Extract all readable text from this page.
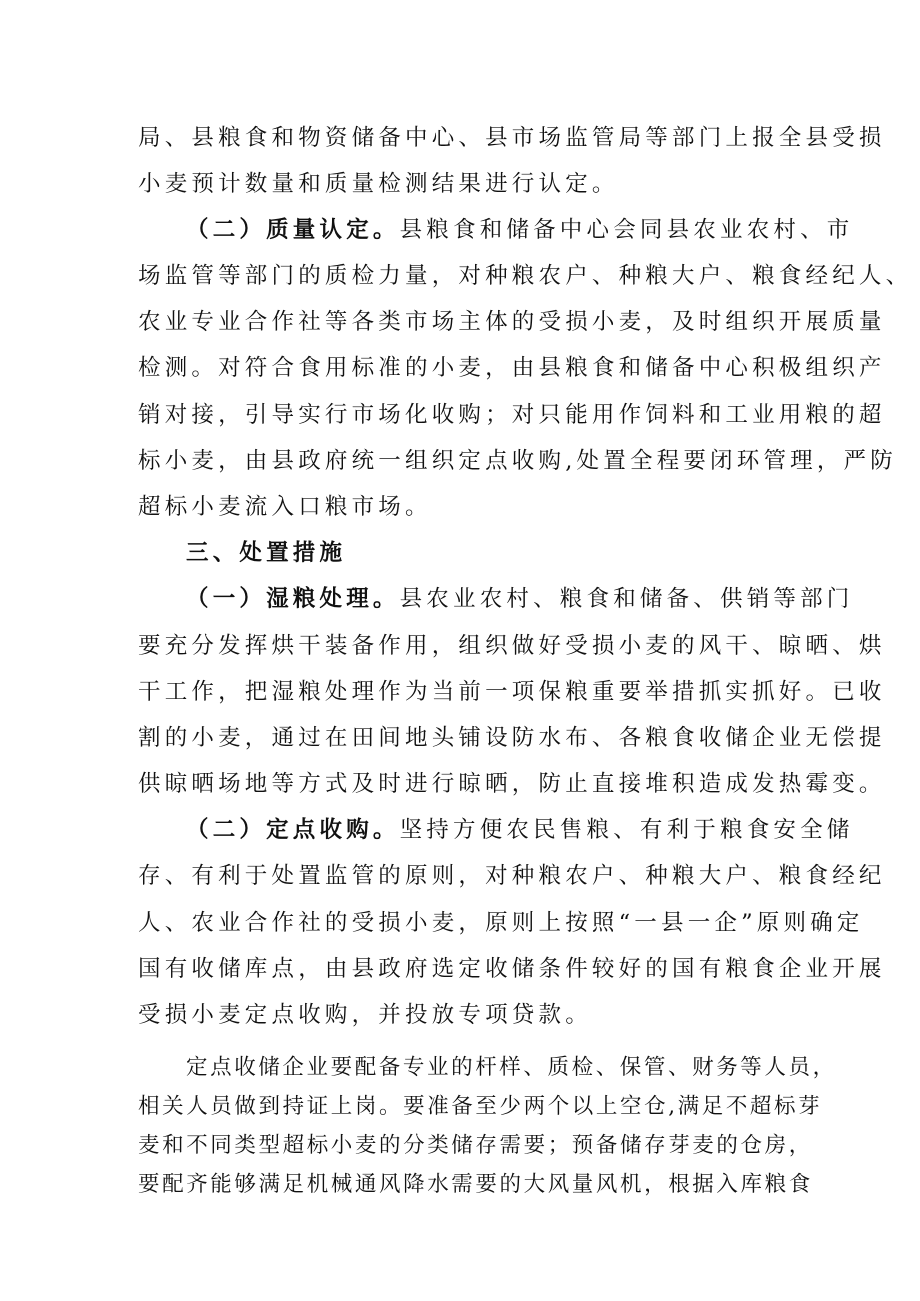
局、县粮食和物资储备中心、县市场监管局等部门上报全县受损
小麦预计数量和质量检测结果进行认定。
（二）质量认定。县粮食和储备中心会同县农业农村、市
场监管等部门的质检力量，对种粮农户、种粮大户、粮食经纪人、
农业专业合作社等各类市场主体的受损小麦，及时组织开展质量
检测。对符合食用标准的小麦，由县粮食和储备中心积极组织产
销对接，引导实行市场化收购；对只能用作饲料和工业用粮的超
标小麦，由县政府统一组织定点收购,处置全程要闭环管理，严防
超标小麦流入口粮市场。
三、处置措施
（一）湿粮处理。县农业农村、粮食和储备、供销等部门
要充分发挥烘干装备作用，组织做好受损小麦的风干、晾晒、烘
干工作，把湿粮处理作为当前一项保粮重要举措抓实抓好。已收
割的小麦，通过在田间地头铺设防水布、各粮食收储企业无偿提
供晾晒场地等方式及时进行晾晒，防止直接堆积造成发热霉变。
（二）定点收购。坚持方便农民售粮、有利于粮食安全储
存、有利于处置监管的原则，对种粮农户、种粮大户、粮食经纪
人、农业合作社的受损小麦，原则上按照“一县一企”原则确定
国有收储库点，由县政府选定收储条件较好的国有粮食企业开展
受损小麦定点收购，并投放专项贷款。
定点收储企业要配备专业的杆样、质检、保管、财务等人员，
相关人员做到持证上岗。要准备至少两个以上空仓,满足不超标芽
麦和不同类型超标小麦的分类储存需要；预备储存芽麦的仓房，
要配齐能够满足机械通风降水需要的大风量风机，根据入库粮食
